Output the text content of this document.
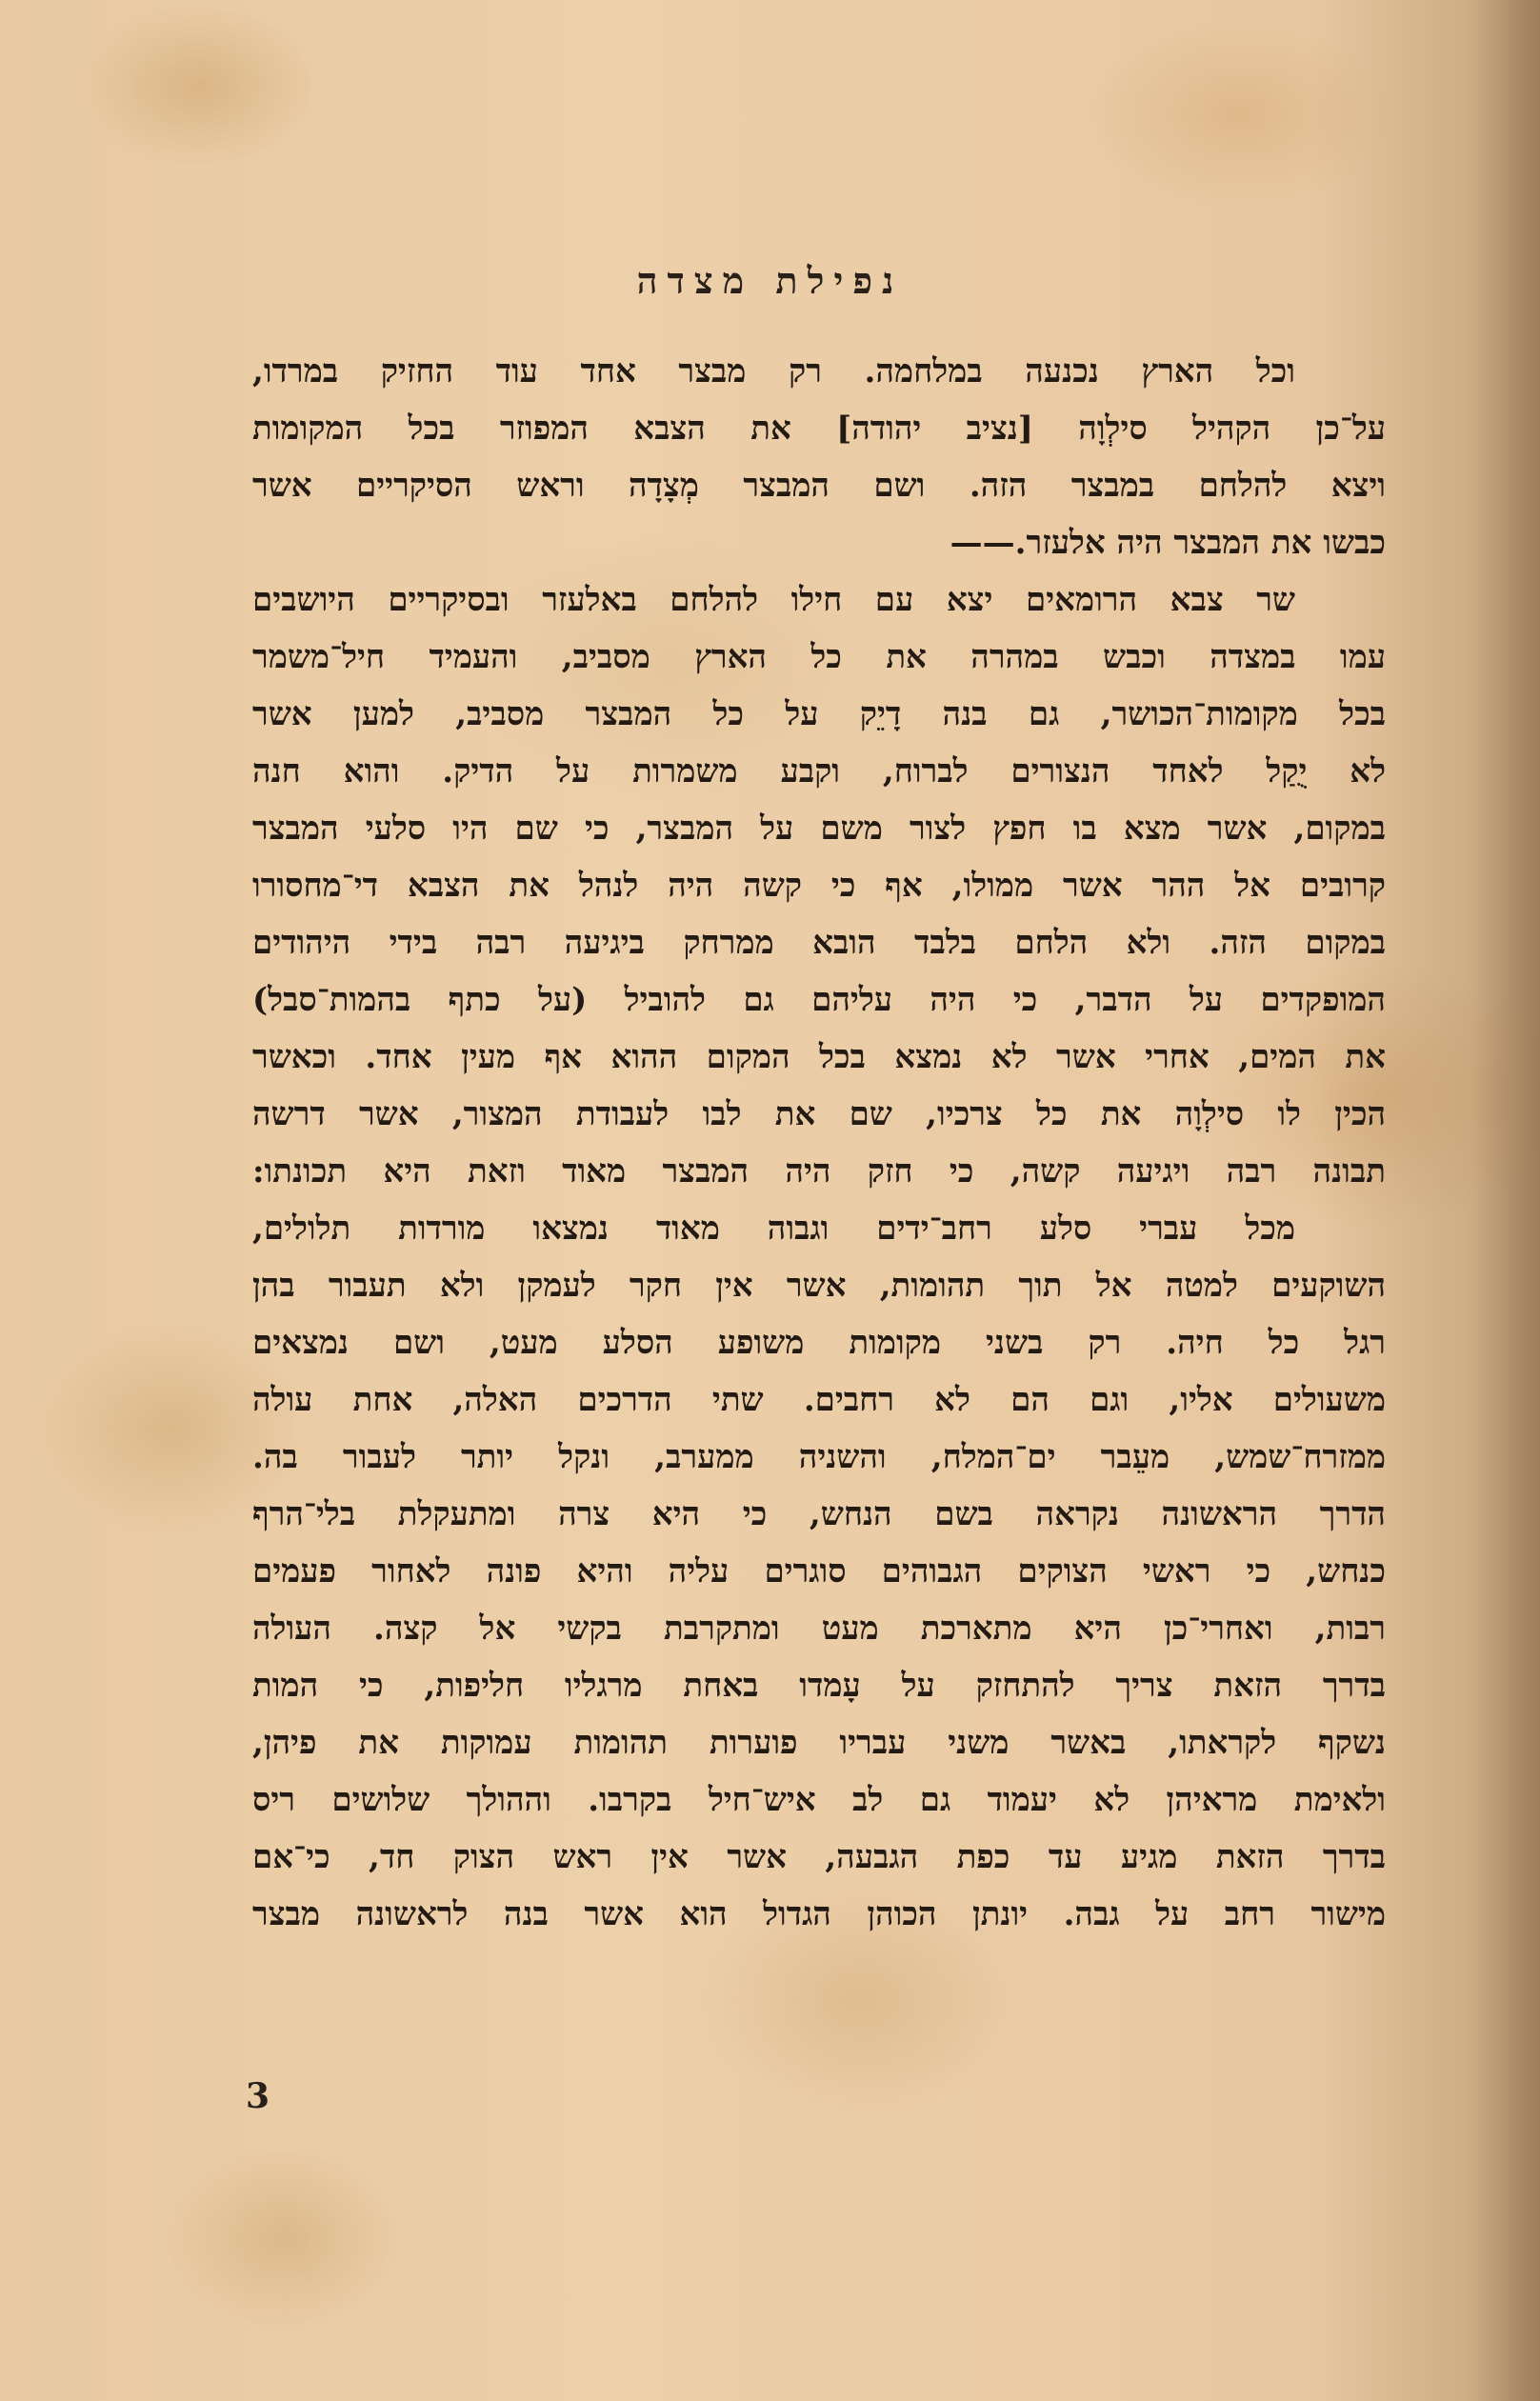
נפילת מצדה
וכל הארץ נכנעה במלחמה. רק מבצר אחד עוד החזיק במרדו,
על־כן הקהיל סילְוָה [נציב יהודה] את הצבא המפוזר בכל המקומות
ויצא להלחם במבצר הזה. ושם המבצר מְצָדָה וראש הסיקריים אשר
כבשו את המבצר היה אלעזר.——
שר צבא הרומאים יצא עם חילו להלחם באלעזר ובסיקריים היושבים
עמו במצדה וכבש במהרה את כל הארץ מסביב, והעמיד חיל־משמר
בכל מקומות־הכושר, גם בנה דָיֵק על כל המבצר מסביב, למען אשר
לא יֻקַל לאחד הנצורים לברוח, וקבע משמרות על הדיק. והוא חנה
במקום, אשר מצא בו חפץ לצור משם על המבצר, כי שם היו סלעי המבצר
קרובים אל ההר אשר ממולו, אף כי קשה היה לנהל את הצבא די־מחסורו
במקום הזה. ולא הלחם בלבד הובא ממרחק ביגיעה רבה בידי היהודים
המופקדים על הדבר, כי היה עליהם גם להוביל (על כתף בהמות־סבל)
את המים, אחרי אשר לא נמצא בכל המקום ההוא אף מעין אחד. וכאשר
הכין לו סילְוָה את כל צרכיו, שם את לבו לעבודת המצור, אשר דרשה
תבונה רבה ויגיעה קשה, כי חזק היה המבצר מאוד וזאת היא תכונתו:
מכל עברי סלע רחב־ידים וגבוה מאוד נמצאו מורדות תלולים,
השוקעים למטה אל תוך תהומות, אשר אין חקר לעמקן ולא תעבור בהן
רגל כל חיה. רק בשני מקומות משופע הסלע מעט, ושם נמצאים
משעולים אליו, וגם הם לא רחבים. שתי הדרכים האלה, אחת עולה
ממזרח־שמש, מעֵבר ים־המלח, והשניה ממערב, ונקל יותר לעבור בה.
הדרך הראשונה נקראה בשם הנחש, כי היא צרה ומתעקלת בלי־הרף
כנחש, כי ראשי הצוקים הגבוהים סוגרים עליה והיא פונה לאחור פעמים
רבות, ואחרי־כן היא מתארכת מעט ומתקרבת בקשי אל קצה. העולה
בדרך הזאת צריך להתחזק על עָמדו באחת מרגליו חליפות, כי המות
נשקף לקראתו, באשר משני עבריו פוערות תהומות עמוקות את פיהן,
ולאימת מראיהן לא יעמוד גם לב איש־חיל בקרבו. וההולך שלושים ריס
בדרך הזאת מגיע עד כפת הגבעה, אשר אין ראש הצוק חד, כי־אם
מישור רחב על גבה. יונתן הכוהן הגדול הוא אשר בנה לראשונה מבצר
3
